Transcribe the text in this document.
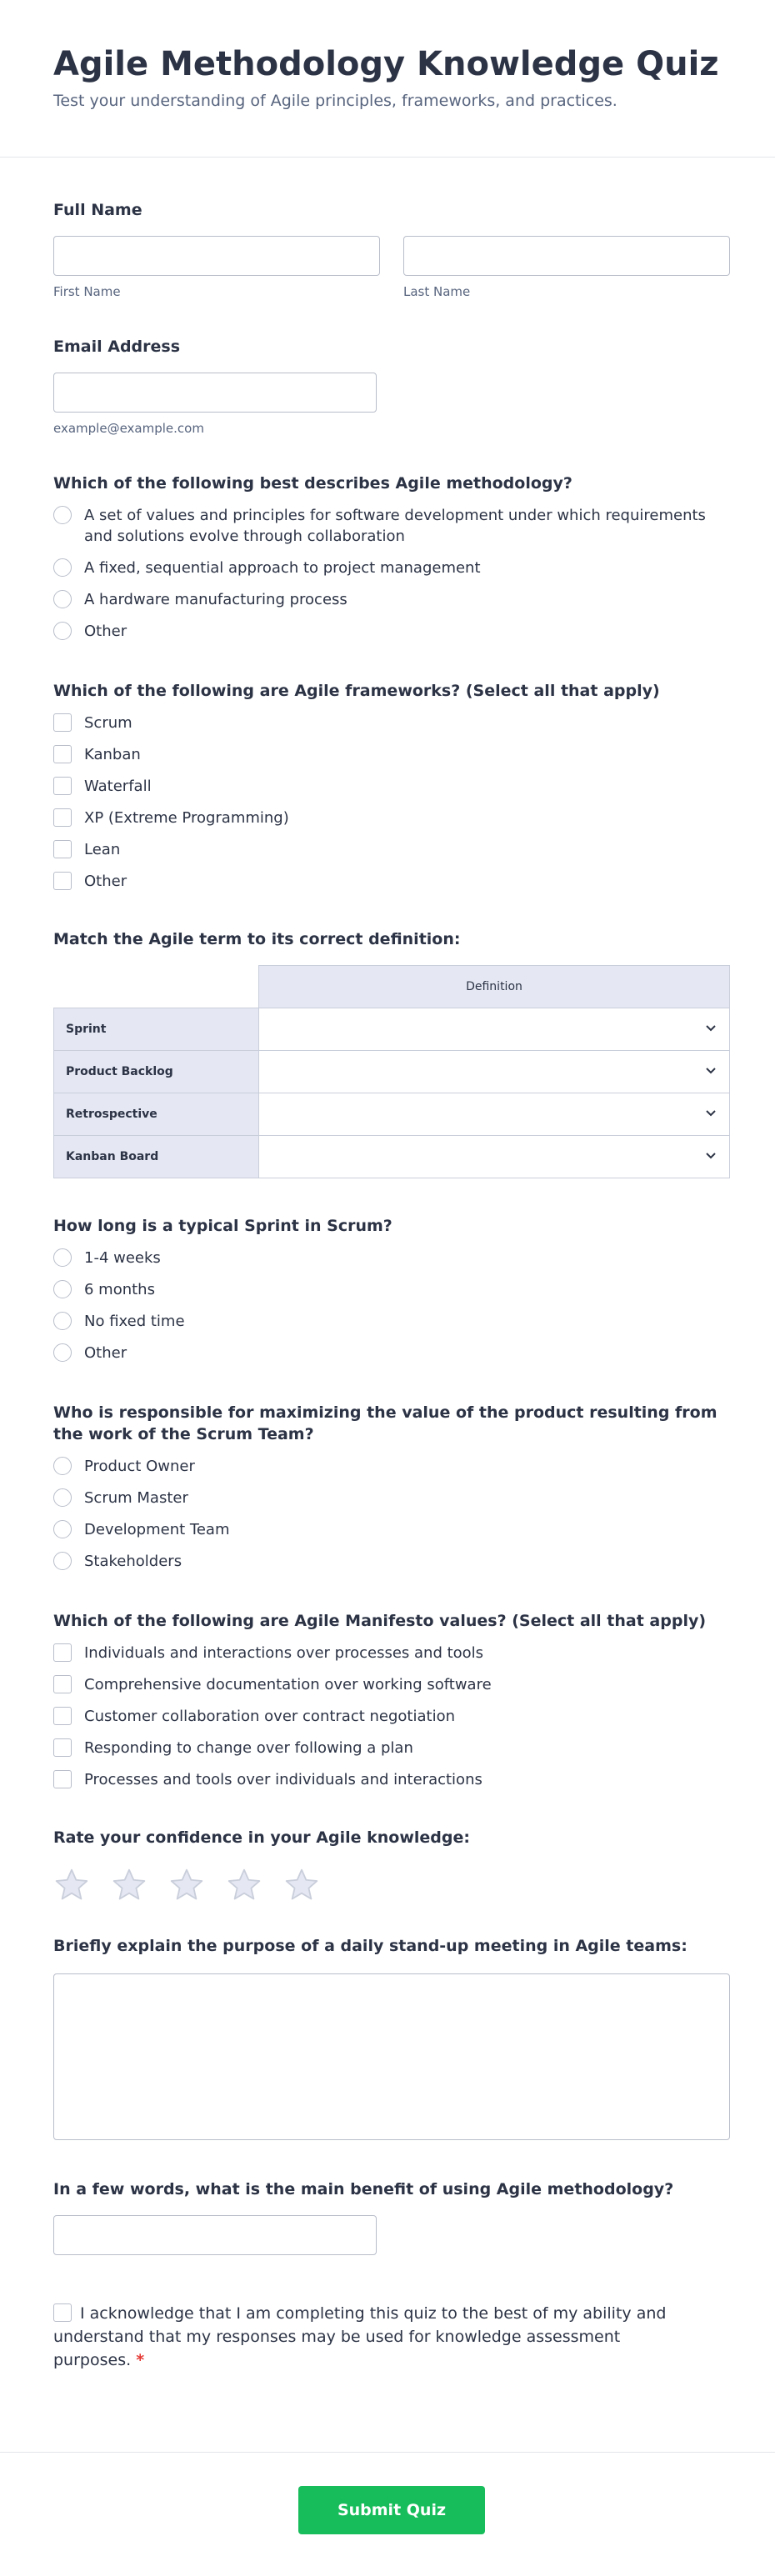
Agile Methodology Knowledge Quiz
Test your understanding of Agile principles, frameworks, and practices.
Full Name
First Name	Last Name
Email Address
example@example.com
Which of the following best describes Agile methodology?
A set of values and principles for software development under which requirements and solutions evolve through collaboration
A fixed, sequential approach to project management
A hardware manufacturing process
Other
Which of the following are Agile frameworks? (Select all that apply)
Scrum
Kanban
Waterfall
XP (Extreme Programming)
Lean
Other
Match the Agile term to its correct definition:
	Definition
Sprint	

Product Backlog	

Retrospective	

Kanban Board	
How long is a typical Sprint in Scrum?
1-4 weeks
6 months
No fixed time
Other
Who is responsible for maximizing the value of the product resulting from the work of the Scrum Team?
Product Owner
Scrum Master
Development Team
Stakeholders
Which of the following are Agile Manifesto values? (Select all that apply)
Individuals and interactions over processes and tools
Comprehensive documentation over working software
Customer collaboration over contract negotiation
Responding to change over following a plan
Processes and tools over individuals and interactions
Rate your confidence in your Agile knowledge:
Briefly explain the purpose of a daily stand-up meeting in Agile teams:
In a few words, what is the main benefit of using Agile methodology?
I acknowledge that I am completing this quiz to the best of my ability and understand that my responses may be used for knowledge assessment purposes. *
Submit Quiz
